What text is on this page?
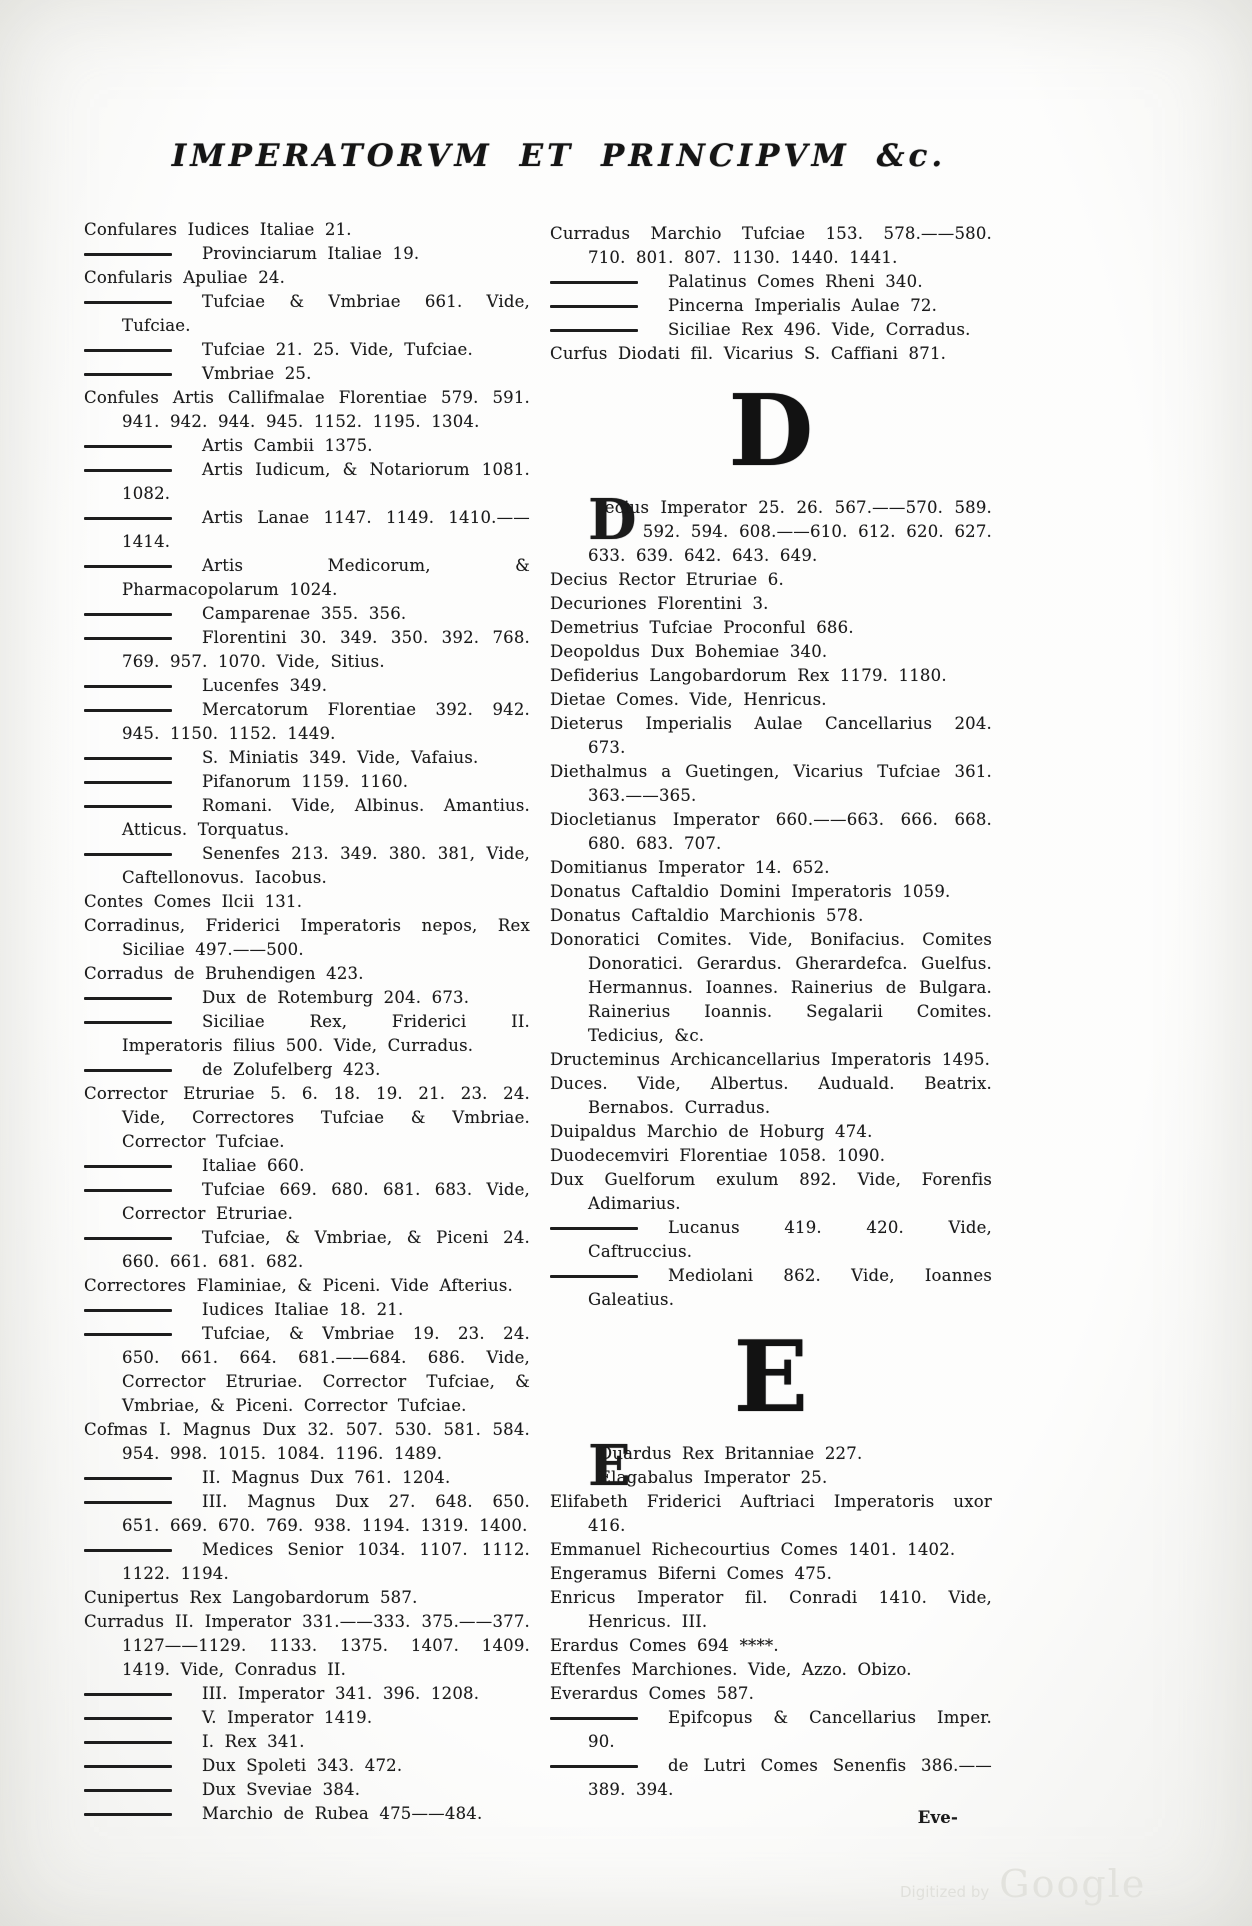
IMPERATORVM ET PRINCIPVM &c.
Confulares Iudices Italiae 21.
Provinciarum Italiae 19.
Confularis Apuliae 24.
Tufciae & Vmbriae 661. Vide, Tufciae.
Tufciae 21. 25. Vide, Tufciae.
Vmbriae 25.
Confules Artis Callifmalae Florentiae 579. 591. 941. 942. 944. 945. 1152. 1195. 1304.
Artis Cambii 1375.
Artis Iudicum, & Notariorum 1081. 1082.
Artis Lanae 1147. 1149. 1410.——1414.
Artis Medicorum, & Pharmacopolarum 1024.
Camparenae 355. 356.
Florentini 30. 349. 350. 392. 768. 769. 957. 1070. Vide, Sitius.
Lucenfes 349.
Mercatorum Florentiae 392. 942. 945. 1150. 1152. 1449.
S. Miniatis 349. Vide, Vafaius.
Pifanorum 1159. 1160.
Romani. Vide, Albinus. Amantius. Atticus. Torquatus.
Senenfes 213. 349. 380. 381, Vide, Caftellonovus. Iacobus.
Contes Comes Ilcii 131.
Corradinus, Friderici Imperatoris nepos, Rex Siciliae 497.——500.
Corradus de Bruhendigen 423.
Dux de Rotemburg 204. 673.
Siciliae Rex, Friderici II. Imperatoris filius 500. Vide, Curradus.
de Zolufelberg 423.
Corrector Etruriae 5. 6. 18. 19. 21. 23. 24. Vide, Correctores Tufciae & Vmbriae. Corrector Tufciae.
Italiae 660.
Tufciae 669. 680. 681. 683. Vide, Corrector Etruriae.
Tufciae, & Vmbriae, & Piceni 24. 660. 661. 681. 682.
Correctores Flaminiae, & Piceni. Vide Afterius.
Iudices Italiae 18. 21.
Tufciae, & Vmbriae 19. 23. 24. 650. 661. 664. 681.——684. 686. Vide, Corrector Etruriae. Corrector Tufciae, & Vmbriae, & Piceni. Corrector Tufciae.
Cofmas I. Magnus Dux 32. 507. 530. 581. 584. 954. 998. 1015. 1084. 1196. 1489.
II. Magnus Dux 761. 1204.
III. Magnus Dux 27. 648. 650. 651. 669. 670. 769. 938. 1194. 1319. 1400.
Medices Senior 1034. 1107. 1112. 1122. 1194.
Cunipertus Rex Langobardorum 587.
Curradus II. Imperator 331.——333. 375.——377. 1127——1129. 1133. 1375. 1407. 1409. 1419. Vide, Conradus II.
III. Imperator 341. 396. 1208.
V. Imperator 1419.
I. Rex 341.
Dux Spoleti 343. 472.
Dux Sveviae 384.
Marchio de Rubea 475——484.
Curradus Marchio Tufciae 153. 578.——580. 710. 801. 807. 1130. 1440. 1441.
Palatinus Comes Rheni 340.
Pincerna Imperialis Aulae 72.
Siciliae Rex 496. Vide, Corradus.
Curfus Diodati fil. Vicarius S. Caffiani 871.
D
D
ecius Imperator 25. 26. 567.——570. 589. 592. 594. 608.——610. 612. 620. 627. 633. 639. 642. 643. 649.
Decius Rector Etruriae 6.
Decuriones Florentini 3.
Demetrius Tufciae Proconful 686.
Deopoldus Dux Bohemiae 340.
Defiderius Langobardorum Rex 1179. 1180.
Dietae Comes. Vide, Henricus.
Dieterus Imperialis Aulae Cancellarius 204. 673.
Diethalmus a Guetingen, Vicarius Tufciae 361. 363.——365.
Diocletianus Imperator 660.——663. 666. 668. 680. 683. 707.
Domitianus Imperator 14. 652.
Donatus Caftaldio Domini Imperatoris 1059.
Donatus Caftaldio Marchionis 578.
Donoratici Comites. Vide, Bonifacius. Comites Donoratici. Gerardus. Gherardefca. Guelfus. Hermannus. Ioannes. Rainerius de Bulgara. Rainerius Ioannis. Segalarii Comites. Tedicius, &c.
Dructeminus Archicancellarius Imperatoris 1495.
Duces. Vide, Albertus. Auduald. Beatrix. Bernabos. Curradus.
Duipaldus Marchio de Hoburg 474.
Duodecemviri Florentiae 1058. 1090.
Dux Guelforum exulum 892. Vide, Forenfis Adimarius.
Lucanus 419. 420. Vide, Caftruccius.
Mediolani 862. Vide, Ioannes Galeatius.
E
E
Duardus Rex Britanniae 227.
Elagabalus Imperator 25.
Elifabeth Friderici Auftriaci Imperatoris uxor 416.
Emmanuel Richecourtius Comes 1401. 1402.
Engeramus Biferni Comes 475.
Enricus Imperator fil. Conradi 1410. Vide, Henricus. III.
Erardus Comes 694 ****.
Eftenfes Marchiones. Vide, Azzo. Obizo.
Everardus Comes 587.
Epifcopus & Cancellarius Imper. 90.
de Lutri Comes Senenfis 386.——389. 394.
Eve-
Digitized by Google
